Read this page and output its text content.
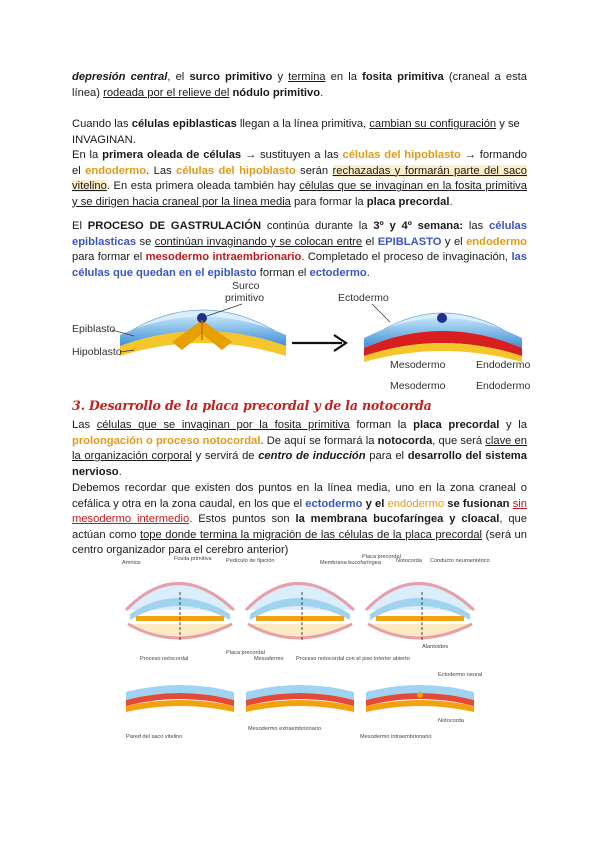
depresión central, el surco primitivo y termina en la fosita primitiva (craneal a esta línea) rodeada por el relieve del nódulo primitivo.

Cuando las células epiblasticas llegan a la línea primitiva, cambian su configuración y se INVAGINAN.

En la primera oleada de células → sustituyen a las células del hipoblasto → formando el endodermo. Las células del hipoblasto serán rechazadas y formarán parte del saco vitelino. En esta primera oleada también hay células que se invaginan en la fosita primitiva y se dirigen hacia craneal por la línea media para formar la placa precordal.

El PROCESO DE GASTRULACIÓN continúa durante la 3º y 4º semana: las células epiblasticas se continúan invaginando y se colocan entre el EPIBLASTO y el endodermo para formar el mesodermo intraembrionario. Completado el proceso de invaginación, las células que quedan en el epiblasto forman el ectodermo.

Surco
primitivo
Epiblasto
Hipoblasto
Ectodermo
Mesodermo	Endodermo
Mesodermo	Endodermo
3. Desarrollo de la placa precordal y de la notocorda

Las células que se invaginan por la fosita primitiva forman la placa precordal y la prolongación o proceso notocordal. De aquí se formará la notocorda, que será clave en la organización corporal y servirá de centro de inducción para el desarrollo del sistema nervioso.

Debemos recordar que existen dos puntos en la línea media, uno en la zona craneal o cefálica y otra en la zona caudal, en los que el ectodermo y el endodermo se fusionan sin mesodermo intermedio. Estos puntos son la membrana bucofaríngea y cloacal, que actúan como tope donde termina la migración de las células de la placa precordal (será un centro organizador para el cerebro anterior)

Amnios
Fosita primitiva	Pedículo de fijación	Membrana bucofaríngea
Placa precordal
Notocorda Conducto neuroentérico
Proceso notocordal
Placa precordal
Mesodermo Proceso notocordal con el piso interior abierto
Alantoides
Pared del saco vitelino
Mesodermo extraembrionario
Mesodermo intraembrionario
Ectodermo neural
Notocorda
